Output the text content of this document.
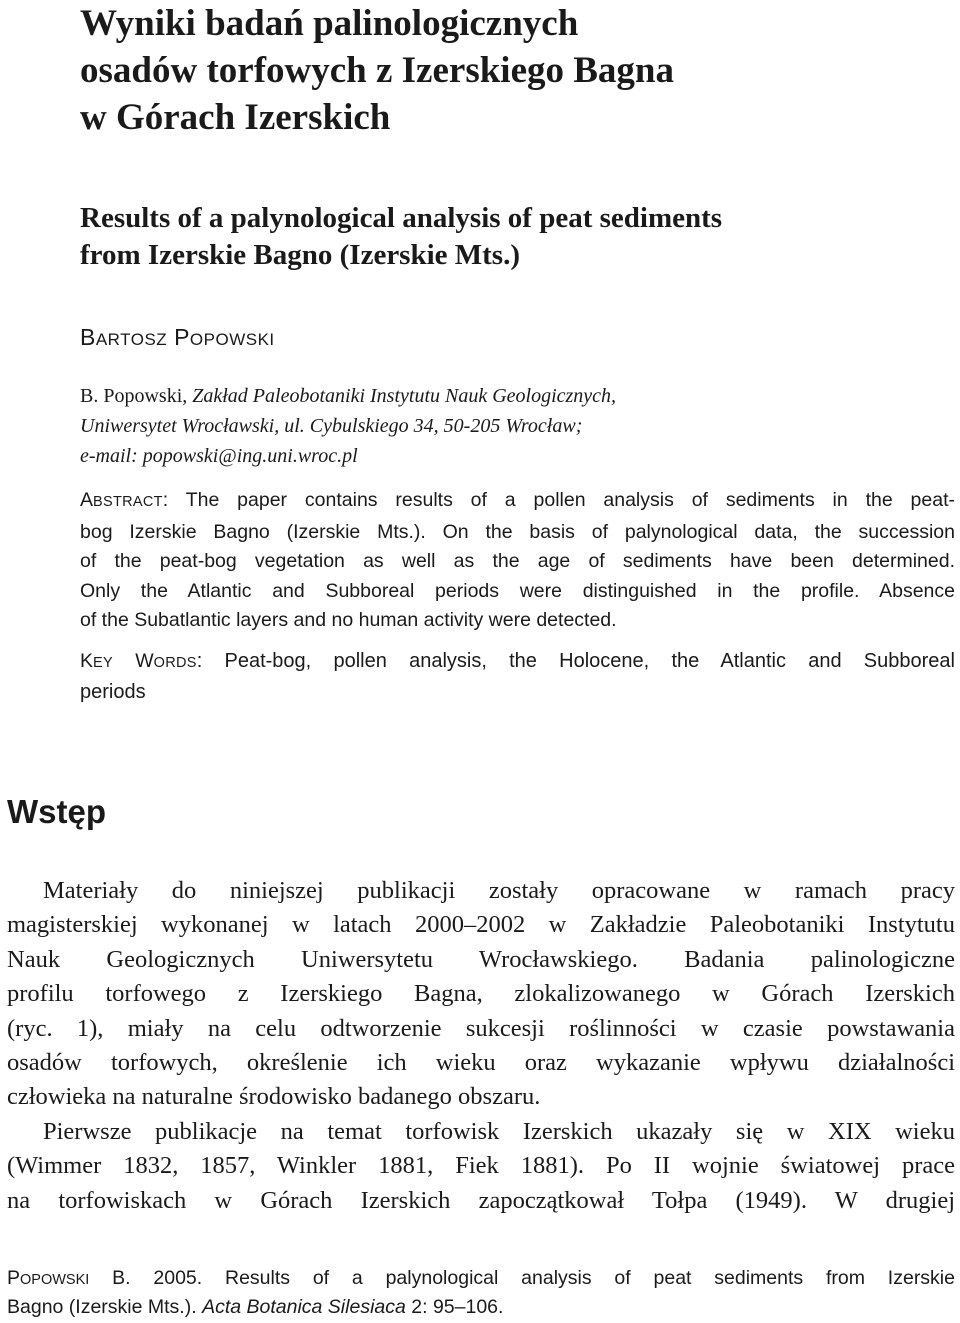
Wyniki badań palinologicznych
osadów torfowych z Izerskiego Bagna
w Górach Izerskich
Results of a palynological analysis of peat sediments
from Izerskie Bagno (Izerskie Mts.)
BARTOSZ POPOWSKI
B. Popowski, Zakład Paleobotaniki Instytutu Nauk Geologicznych,
Uniwersytet Wrocławski, ul. Cybulskiego 34, 50-205 Wrocław;
e-mail: popowski@ing.uni.wroc.pl
ABSTRACT: The paper contains results of a pollen analysis of sediments in the peat-
bog Izerskie Bagno (Izerskie Mts.). On the basis of palynological data, the succession
of the peat-bog vegetation as well as the age of sediments have been determined.
Only the Atlantic and Subboreal periods were distinguished in the profile. Absence
of the Subatlantic layers and no human activity were detected.
KEY WORDS: Peat-bog, pollen analysis, the Holocene, the Atlantic and Subboreal
periods
Wstęp
Materiały do niniejszej publikacji zostały opracowane w ramach pracy
magisterskiej wykonanej w latach 2000–2002 w Zakładzie Paleobotaniki Instytutu
Nauk Geologicznych Uniwersytetu Wrocławskiego. Badania palinologiczne
profilu torfowego z Izerskiego Bagna, zlokalizowanego w Górach Izerskich
(ryc. 1), miały na celu odtworzenie sukcesji roślinności w czasie powstawania
osadów torfowych, określenie ich wieku oraz wykazanie wpływu działalności
człowieka na naturalne środowisko badanego obszaru.
Pierwsze publikacje na temat torfowisk Izerskich ukazały się w XIX wieku
(Wimmer 1832, 1857, Winkler 1881, Fiek 1881). Po II wojnie światowej prace
na torfowiskach w Górach Izerskich zapoczątkował Tołpa (1949). W drugiej
POPOWSKI B. 2005. Results of a palynological analysis of peat sediments from Izerskie
Bagno (Izerskie Mts.). Acta Botanica Silesiaca 2: 95–106.
